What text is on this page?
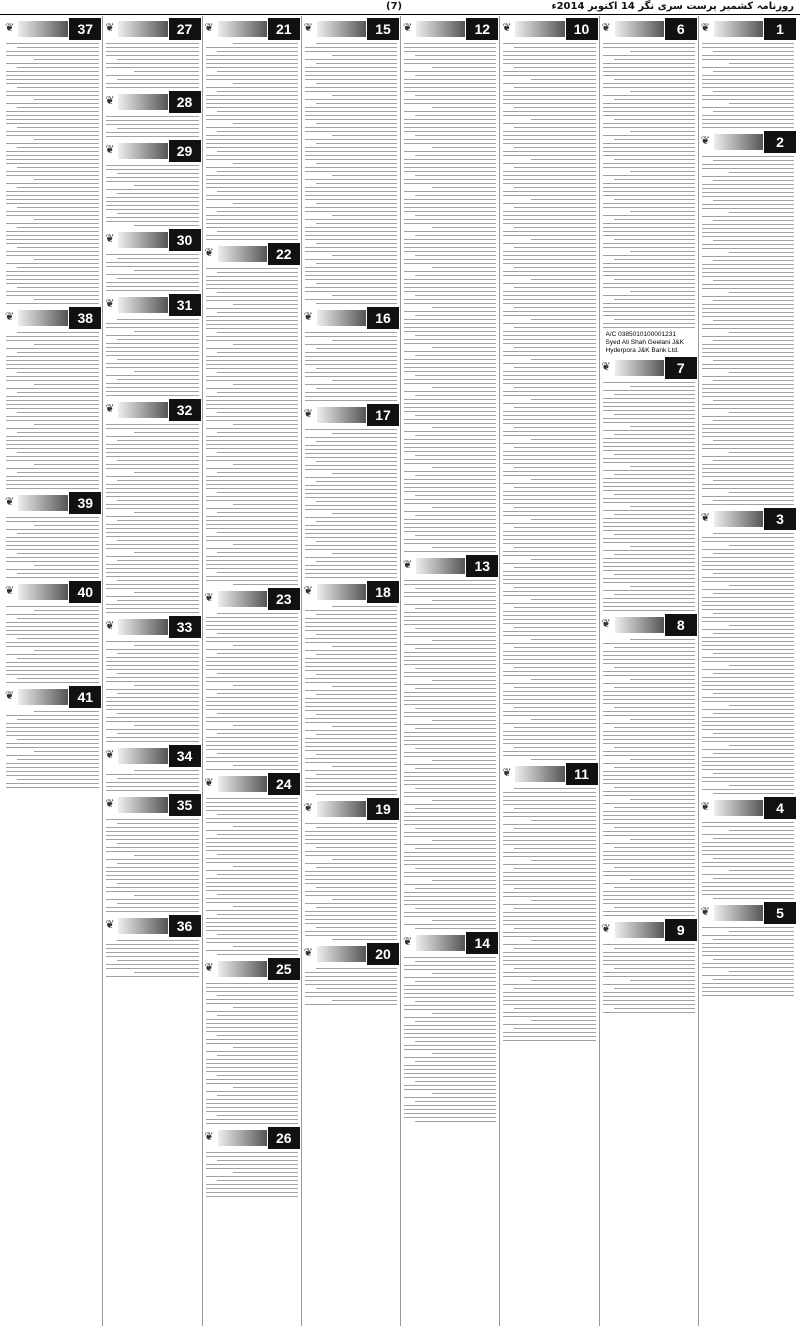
(7)	روزنامہ کشمیر پرست سری نگر 14 اکتوبر 2014ء
❦	1
❦	2
❦	3
❦	4
❦	5
❦	6
A/C 0385010100001231
Syed Ali Shah Geelani J&K
Hyderpora J&K Bank Ltd.
❦	7
❦	8
❦	9
❦	10
❦	11
❦	12
❦	13
❦	14
❦	15
❦	16
❦	17
❦	18
❦	19
❦	20
❦	21
❦	22
❦	23
❦	24
❦	25
❦	26
❦	27
❦	28
❦	29
❦	30
❦	31
❦	32
❦	33
❦	34
❦	35
❦	36
❦	37
❦	38
❦	39
❦	40
❦	41
